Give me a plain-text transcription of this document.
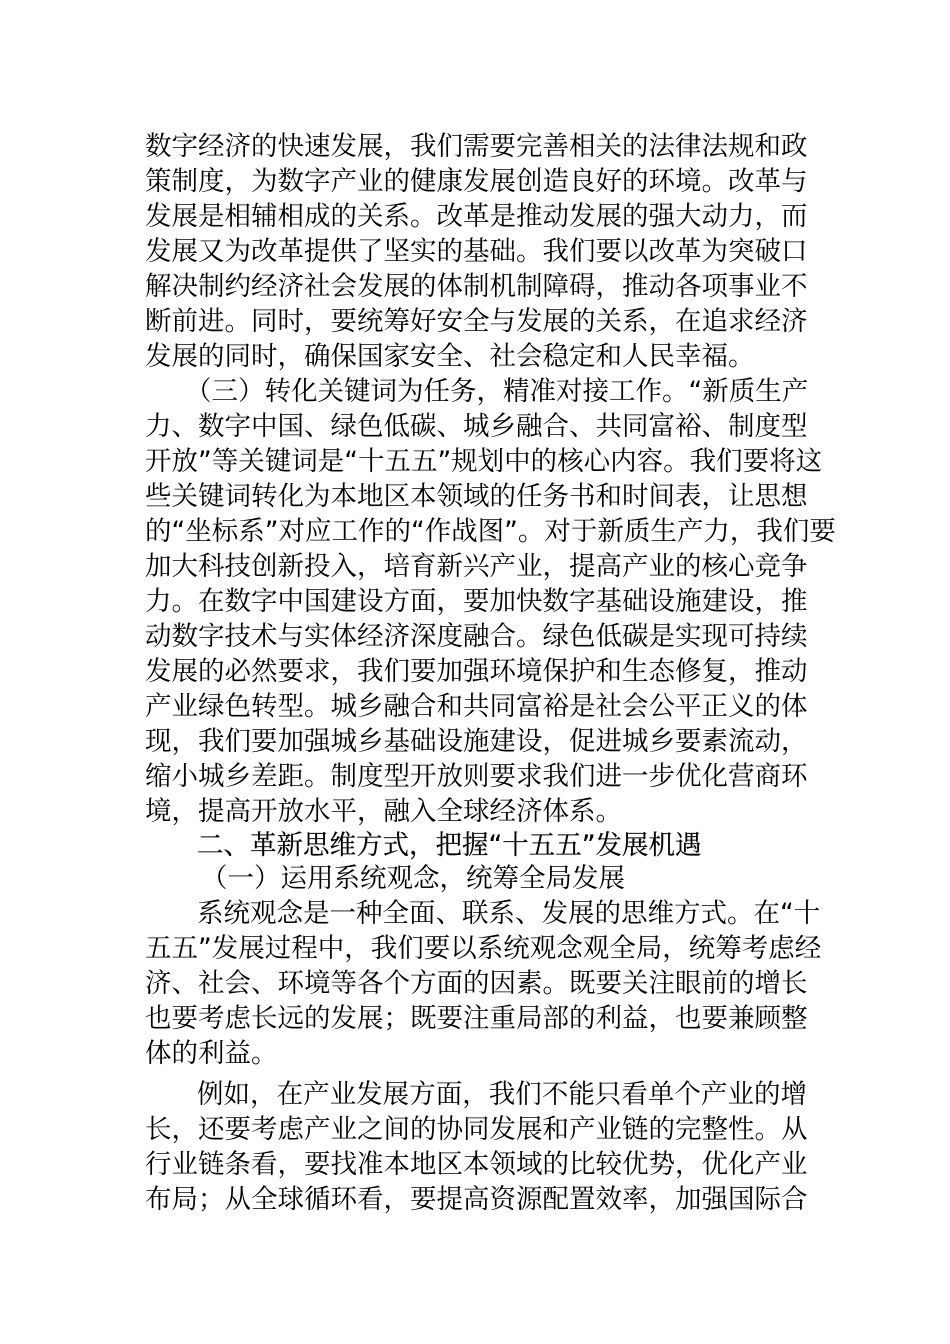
数字经济的快速发展，我们需要完善相关的法律法规和政
策制度，为数字产业的健康发展创造良好的环境。改革与
发展是相辅相成的关系。改革是推动发展的强大动力，而
发展又为改革提供了坚实的基础。我们要以改革为突破口
解决制约经济社会发展的体制机制障碍，推动各项事业不
断前进。同时，要统筹好安全与发展的关系，在追求经济
发展的同时，确保国家安全、社会稳定和人民幸福。
（三）转化关键词为任务，精准对接工作。“新质生产
力、数字中国、绿色低碳、城乡融合、共同富裕、制度型
开放”等关键词是“十五五”规划中的核心内容。我们要将这
些关键词转化为本地区本领域的任务书和时间表，让思想
的“坐标系”对应工作的“作战图”。对于新质生产力，我们要
加大科技创新投入，培育新兴产业，提高产业的核心竞争
力。在数字中国建设方面，要加快数字基础设施建设，推
动数字技术与实体经济深度融合。绿色低碳是实现可持续
发展的必然要求，我们要加强环境保护和生态修复，推动
产业绿色转型。城乡融合和共同富裕是社会公平正义的体
现，我们要加强城乡基础设施建设，促进城乡要素流动，
缩小城乡差距。制度型开放则要求我们进一步优化营商环
境，提高开放水平，融入全球经济体系。
二、革新思维方式，把握“十五五”发展机遇
（一）运用系统观念，统筹全局发展
系统观念是一种全面、联系、发展的思维方式。在“十
五五”发展过程中，我们要以系统观念观全局，统筹考虑经
济、社会、环境等各个方面的因素。既要关注眼前的增长
也要考虑长远的发展；既要注重局部的利益，也要兼顾整
体的利益。
例如，在产业发展方面，我们不能只看单个产业的增
长，还要考虑产业之间的协同发展和产业链的完整性。从
行业链条看，要找准本地区本领域的比较优势，优化产业
布局；从全球循环看，要提高资源配置效率，加强国际合
